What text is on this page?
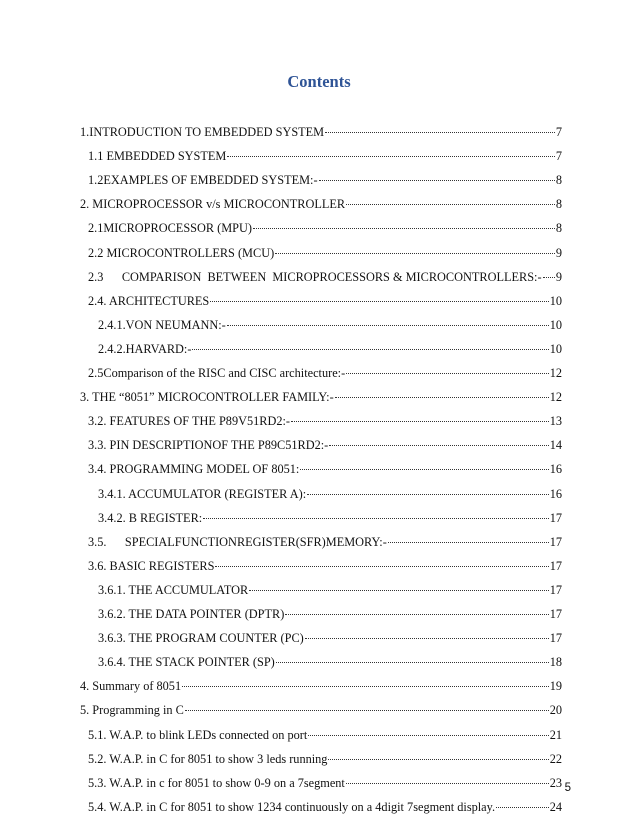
Contents
1.INTRODUCTION TO EMBEDDED SYSTEM	7
1.1 EMBEDDED SYSTEM	7
1.2EXAMPLES OF EMBEDDED SYSTEM:-	8
2. MICROPROCESSOR v/s MICROCONTROLLER	8
2.1MICROPROCESSOR (MPU)	8
2.2 MICROCONTROLLERS (MCU)	9
2.3      COMPARISON  BETWEEN  MICROPROCESSORS & MICROCONTROLLERS:- 9
2.4. ARCHITECTURES	10
2.4.1.VON NEUMANN:-	10
2.4.2.HARVARD:-	10
2.5Comparison of the RISC and CISC architecture:-	12
3. THE “8051” MICROCONTROLLER FAMILY:-	12
3.2. FEATURES OF THE P89V51RD2:-	13
3.3. PIN DESCRIPTIONOF THE P89C51RD2:-	14
3.4. PROGRAMMING MODEL OF 8051:	16
3.4.1. ACCUMULATOR (REGISTER A):	16
3.4.2. B REGISTER:	17
3.5.      SPECIALFUNCTIONREGISTER(SFR)MEMORY:-	17
3.6. BASIC REGISTERS	17
3.6.1. THE ACCUMULATOR	17
3.6.2. THE DATA POINTER (DPTR)	17
3.6.3. THE PROGRAM COUNTER (PC)	17
3.6.4. THE STACK POINTER (SP)	18
4. Summary of 8051	19
5. Programming in C	20
5.1. W.A.P. to blink LEDs connected on port	21
5.2. W.A.P. in C for 8051 to show 3 leds running	22
5.3. W.A.P. in c for 8051 to show 0-9 on a 7segment	23
5.4. W.A.P. in C for 8051 to show 1234 continuously on a 4digit 7segment display.	24
5
